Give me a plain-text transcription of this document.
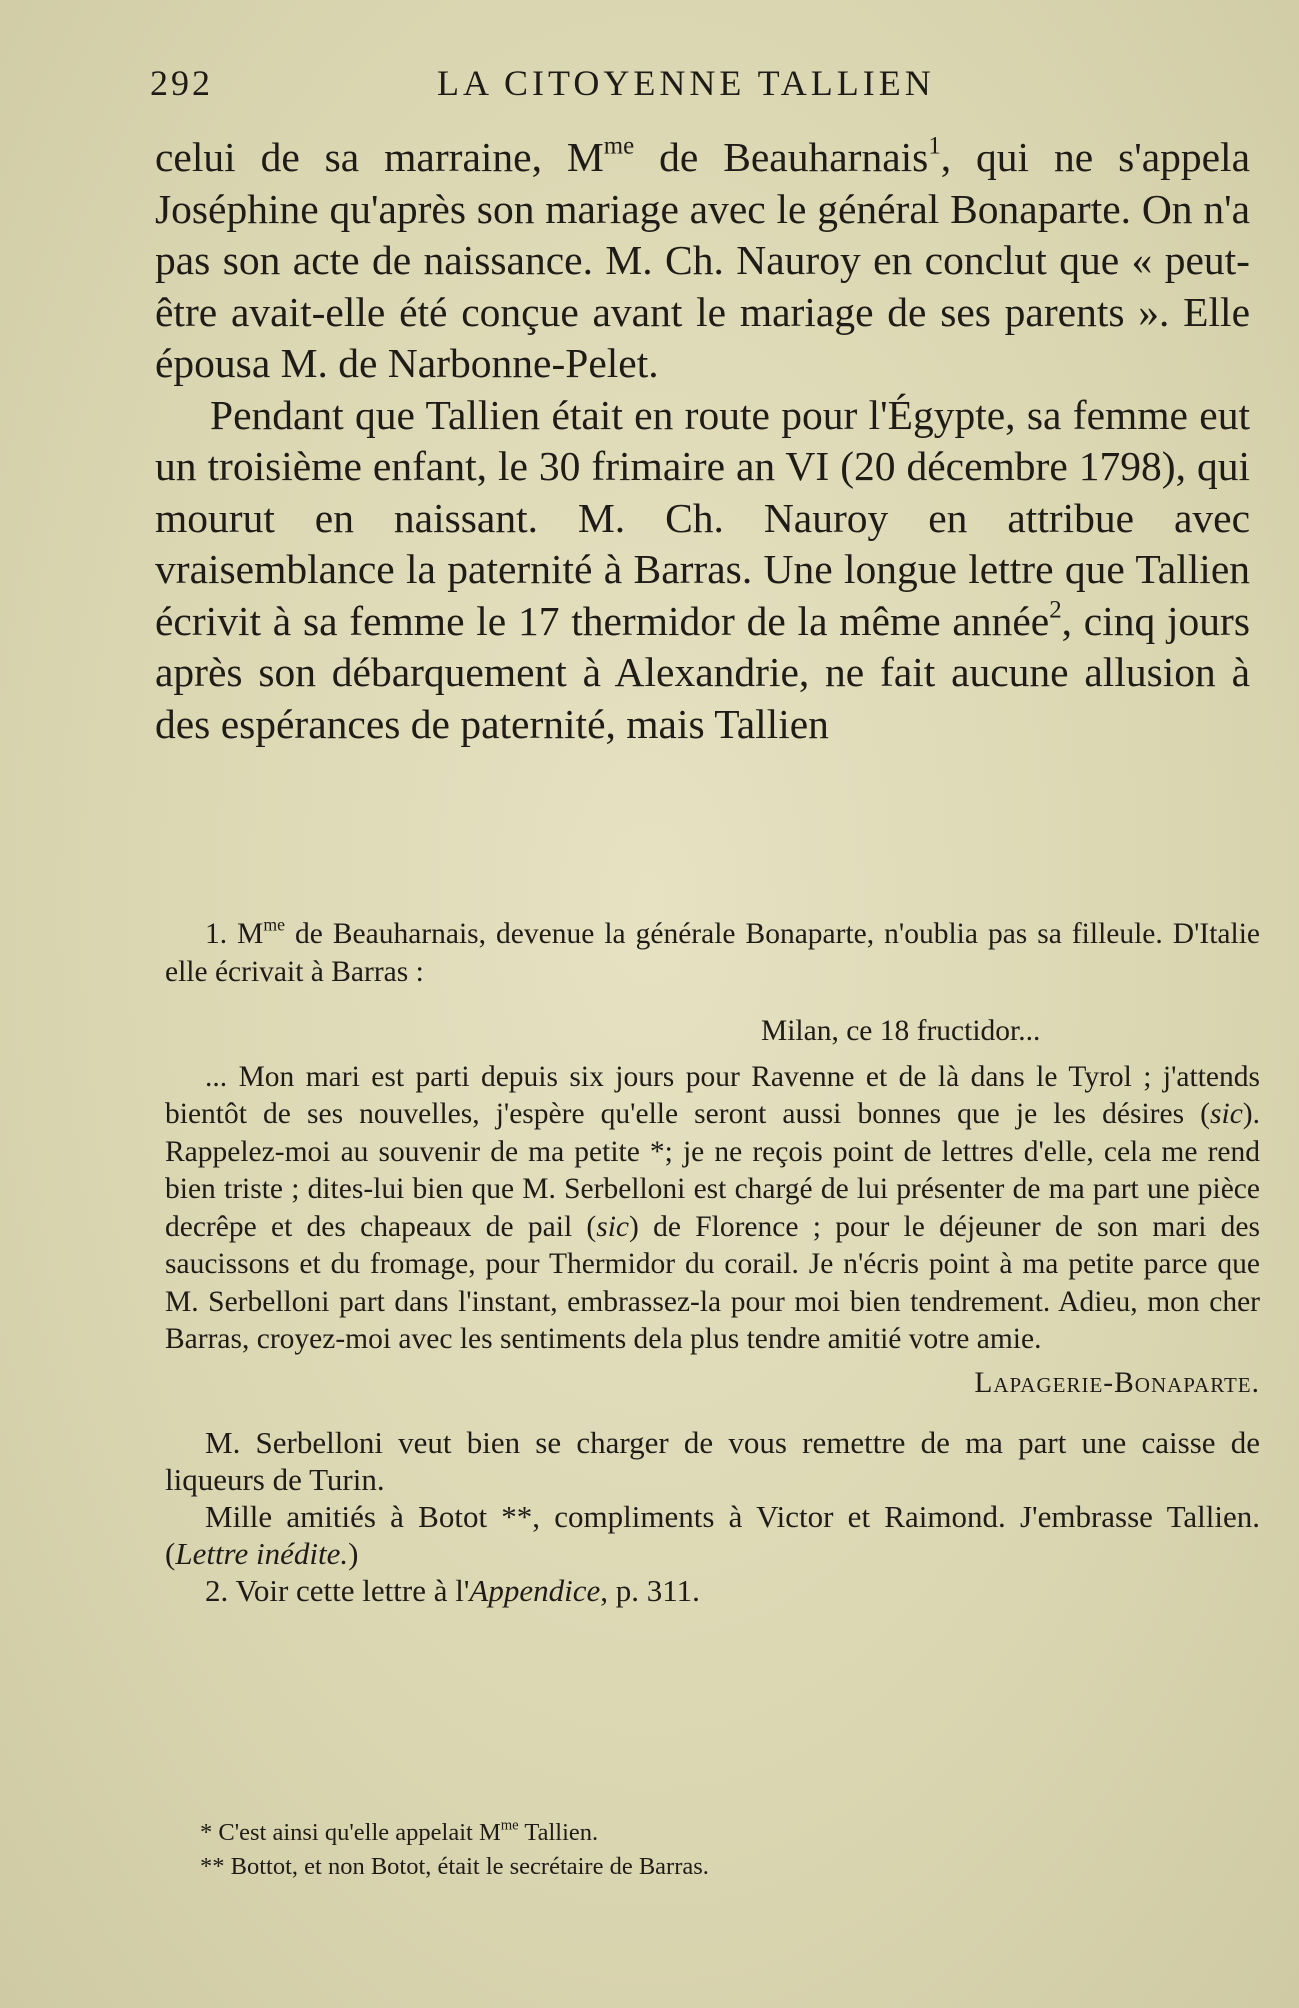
292	LA CITOYENNE TALLIEN

celui de sa marraine, $M^{me}$ de Beauharnais$^1$, qui ne s'appela Joséphine qu'après son mariage avec le général Bonaparte. On n'a pas son acte de naissance. M. Ch. Nauroy en conclut que « peut-être avait-elle été conçue avant le mariage de ses parents ». Elle épousa M. de Narbonne-Pelet.

Pendant que Tallien était en route pour l'Égypte, sa femme eut un troisième enfant, le 30 frimaire an VI (20 décembre 1798), qui mourut en naissant. M. Ch. Nauroy en attribue avec vraisemblance la paternité à Barras. Une longue lettre que Tallien écrivit à sa femme le 17 thermidor de la même année$^2$, cinq jours après son débarquement à Alexandrie, ne fait aucune allusion à des espérances de paternité, mais Tallien

1. $M^{me}$ de Beauharnais, devenue la générale Bonaparte, n'oublia pas sa filleule. D'Italie elle écrivait à Barras :

Milan, ce 18 fructidor...

... Mon mari est parti depuis six jours pour Ravenne et de là dans le Tyrol ; j'attends bientôt de ses nouvelles, j'espère qu'elle seront aussi bonnes que je les désires (sic). Rappelez-moi au souvenir de ma petite *; je ne reçois point de lettres d'elle, cela me rend bien triste ; dites-lui bien que M. Serbelloni est chargé de lui présenter de ma part une pièce decrêpe et des chapeaux de pail (sic) de Florence ; pour le déjeuner de son mari des saucissons et du fromage, pour Thermidor du corail. Je n'écris point à ma petite parce que M. Serbelloni part dans l'instant, embrassez-la pour moi bien tendrement. Adieu, mon cher Barras, croyez-moi avec les sentiments dela plus tendre amitié votre amie.

Lapagerie-Bonaparte.

M. Serbelloni veut bien se charger de vous remettre de ma part une caisse de liqueurs de Turin.

Mille amitiés à Botot **, compliments à Victor et Raimond. J'embrasse Tallien. (Lettre inédite.)

2. Voir cette lettre à l'Appendice, p. 311.

* C'est ainsi qu'elle appelait $M^{me}$ Tallien.

** Bottot, et non Botot, était le secrétaire de Barras.
